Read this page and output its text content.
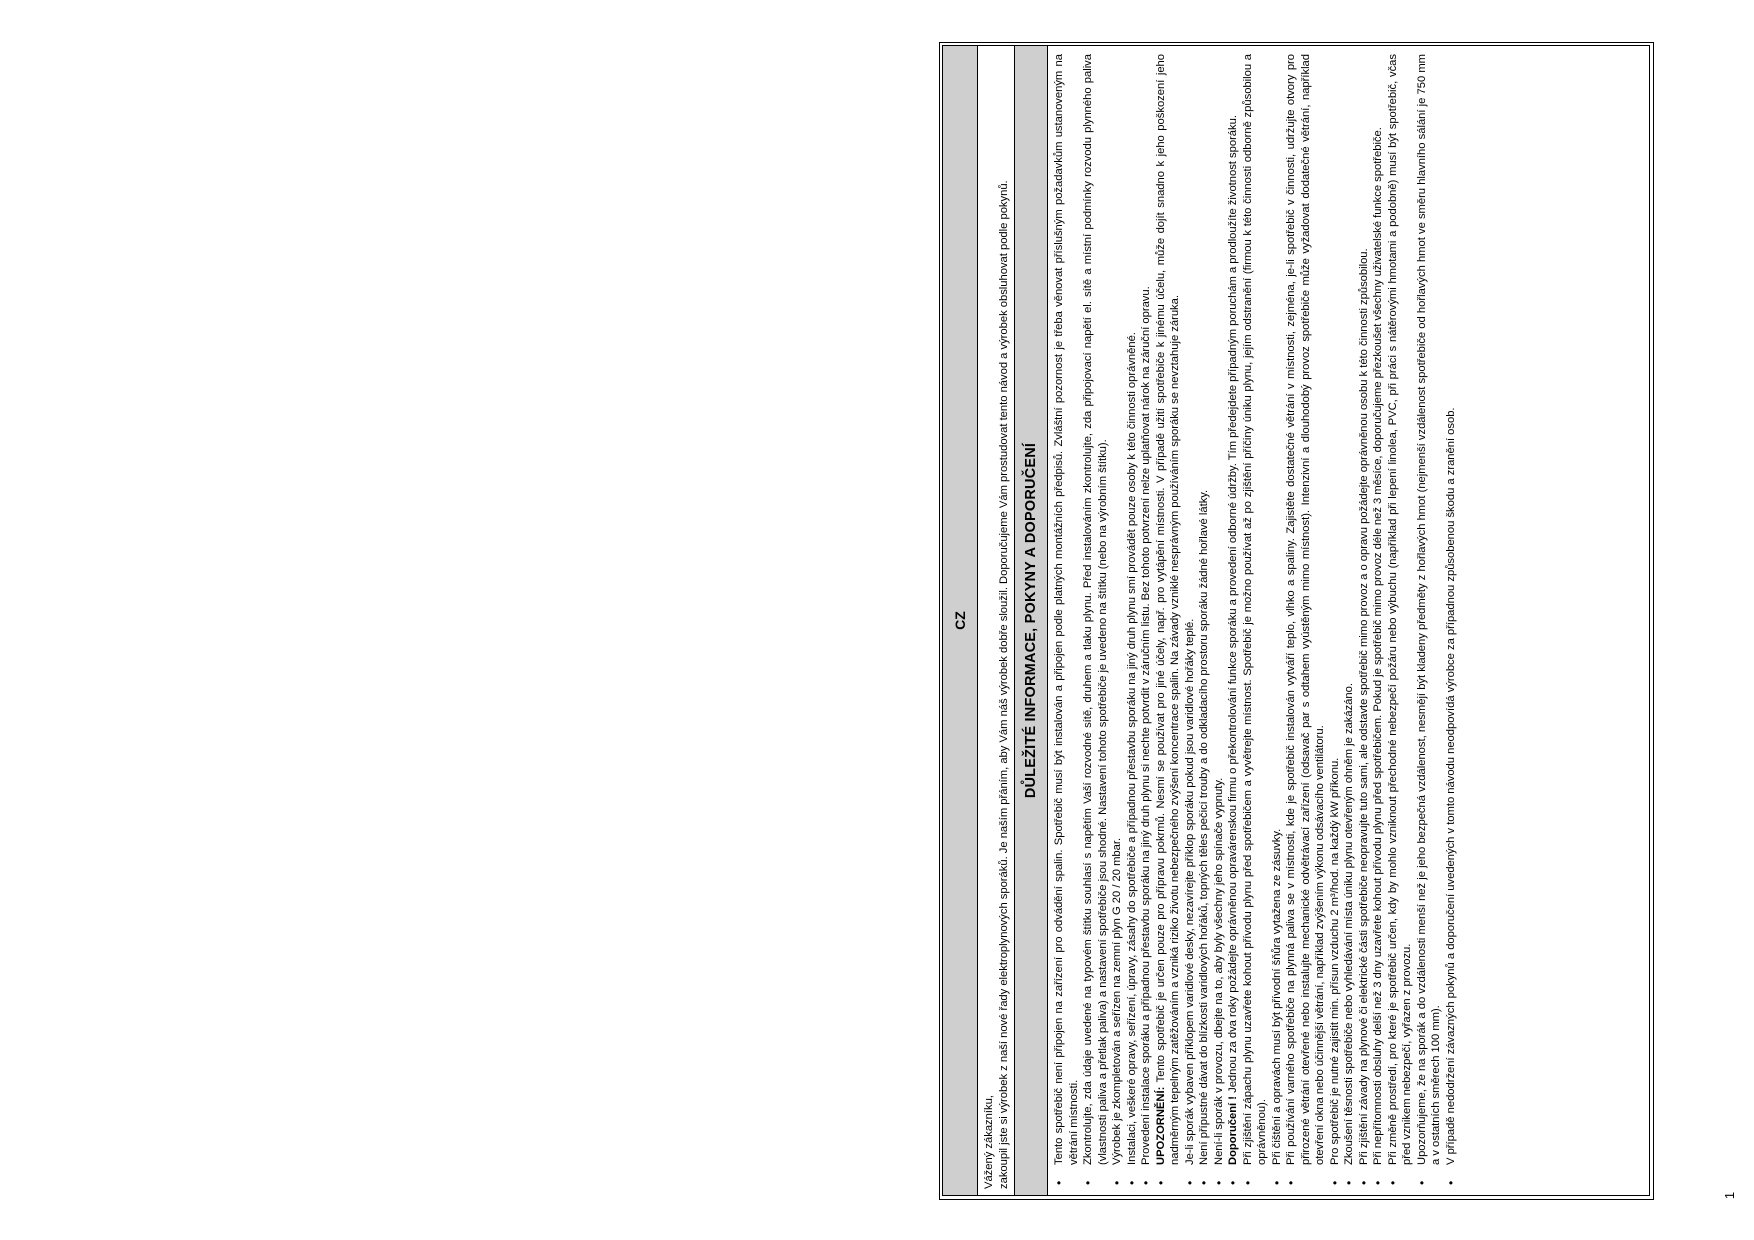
CZ

Vážený zákazníku, zakoupil jste si výrobek z naší nové řady elektroplynových sporáků. Je naším přáním, aby Vám náš výrobek dobře sloužil. Doporučujeme Vám prostudovat tento návod a výrobek obsluhovat podle pokynů. DŮLEŽITÉ INFORMACE, POKYNY A DOPORUČENÍ	• Tento spotřebič není připojen na zařízení pro odvádění spalin. Spotřebič musí být instalován a připojen podle platných montážních předpisů. Zvláštní pozornost je třeba věnovat příslušným požadavkům ustanoveným na větrání místnosti. • Zkontrolujte, zda údaje uvedené na typovém štítku souhlasí s napětím Vaší rozvodné sítě, druhem a tlaku plynu. Před instalováním zkontrolujte, zda připojovací napětí el. sítě a místní podmínky rozvodu plynného paliva (vlastnosti paliva a přetlak paliva) a nastavení spotřebiče jsou shodné. Nastavení tohoto spotřebiče je uvedeno na štítku (nebo na výrobním štítku). • Výrobek je zkompletován a seřízen na zemní plyn G 20 / 20 mbar. • Instalaci, veškeré opravy, seřízení, úpravy, zásahy do spotřebiče a případnou přestavbu sporáku na jiný druh plynu smí provádět pouze osoby k této činnosti oprávněné. • Provedení instalace sporáku a případnou přestavbu sporáku na jiný druh plynu si nechte potvrdit v záručním listu. Bez tohoto potvrzení nelze uplatňovat nárok na záruční opravu. • UPOZORNĚNÍ: Tento spotřebič je určen pouze pro přípravu pokrmů. Nesmí se používat pro jiné účely, např. pro vytápění místnosti. V případě užití spotřebiče k jinému účelu, může dojít snadno k jeho poškození jeho nadměrným tepelným zatěžováním a vzniká riziko životu nebezpečného zvýšení koncentrace spalin. Na závady vzniklé nesprávným používáním sporáku se nevztahuje záruka. • Je-li sporák vybaven příklopem varidlové desky, nezavírejte příklop sporáku pokud jsou varidlové hořáky teplé. • Není přípustné dávat do blízkosti varidlových hořáků, topných těles pečicí trouby a do odkladacího prostoru sporáku žádné hořlavé látky. • Není-li sporák v provozu, dbejte na to, aby byly všechny jeho spínače vypnuty. • Doporučení ! Jednou za dva roky požádejte oprávněnou opravárenskou firmu o překontrolování funkce sporáku a provedení odborné údržby. Tím předejdete případným poruchám a prodloužíte životnost sporáku. • Při zjištění zápachu plynu uzavřete kohout přívodu plynu před spotřebičem a vyvětrejte místnost. Spotřebič je možno používat až po zjištění příčiny úniku plynu, jejím odstranění (firmou k této činnosti odborně způsobilou a oprávněnou). • Při čištění a opravách musí být přívodní šňůra vytažena ze zásuvky. • Při používání varného spotřebiče na plynná paliva se v místnosti, kde je spotřebič instalován vytváří teplo, vlhko a spaliny. Zajistěte dostatečné větrání v místnosti, zejména, je-li spotřebič v činnosti, udržujte otvory pro přirozené větrání otevřené nebo instalujte mechanické odvětrávací zařízení (odsavač par s odtahem vyústěným mimo místnost). Intenzivní a dlouhodobý provoz spotřebiče může vyžadovat dodatečné větrání, například otevření okna nebo účinnější větrání, například zvýšením výkonu odsávacího ventilátoru. • Pro spotřebič je nutné zajistit min. přísun vzduchu 2 m³/hod. na každý kW příkonu. • Zkoušení těsnosti spotřebiče nebo vyhledávání místa úniku plynu otevřeným ohněm je zakázáno. • Při zjištění závady na plynové či elektrické části spotřebiče neopravujte tuto sami, ale odstavte spotřebič mimo provoz a o opravu požádejte oprávněnou osobu k této činnosti způsobilou. • Při nepřítomnosti obsluhy delší než 3 dny uzavřete kohout přívodu plynu před spotřebičem. Pokud je spotřebič mimo provoz déle než 3 měsíce, doporučujeme přezkoušet všechny uživatelské funkce spotřebiče. • Při změně prostředí, pro které je spotřebič určen, kdy by mohlo vzniknout přechodné nebezpečí požáru nebo výbuchu (například při lepení linolea, PVC, při práci s nátěrovými hmotami a podobně) musí být spotřebič, včas před vznikem nebezpečí, vyřazen z provozu. • Upozorňujeme, že na sporák a do vzdálenosti menší než je jeho bezpečná vzdálenost, nesmějí být kladeny předměty z hořlavých hmot (nejmenší vzdálenost spotřebiče od hořlavých hmot ve směru hlavního sálání je 750 mm a v ostatních směrech 100 mm). • V případě nedodržení závazných pokynů a doporučení uvedených v tomto návodu neodpovídá výrobce za případnou způsobenou škodu a zranění osob.
1
